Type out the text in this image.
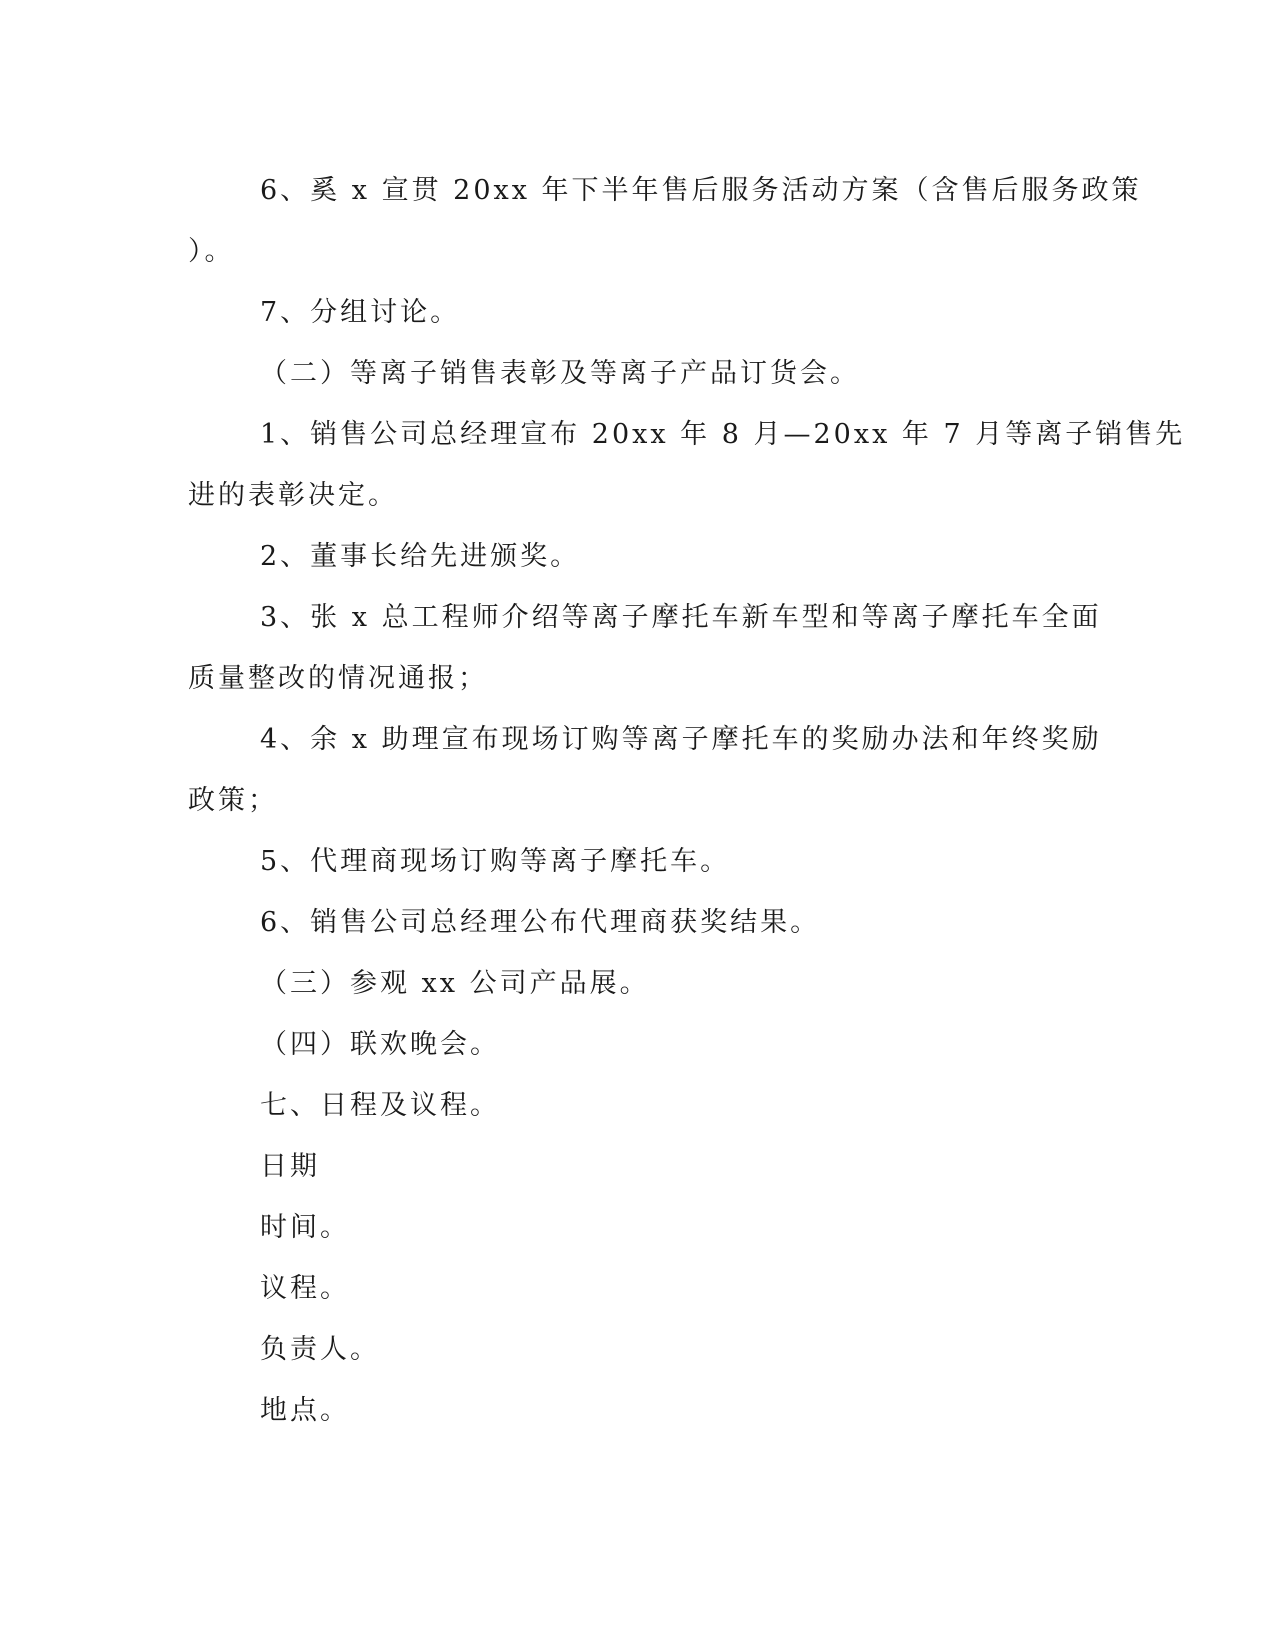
6、奚 x 宣贯 20xx 年下半年售后服务活动方案（含售后服务政策

）。

7、分组讨论。

（二）等离子销售表彰及等离子产品订货会。

1、销售公司总经理宣布 20xx 年 8 月—20xx 年 7 月等离子销售先

进的表彰决定。

2、董事长给先进颁奖。

3、张 x 总工程师介绍等离子摩托车新车型和等离子摩托车全面

质量整改的情况通报；

4、余 x 助理宣布现场订购等离子摩托车的奖励办法和年终奖励

政策；

5、代理商现场订购等离子摩托车。

6、销售公司总经理公布代理商获奖结果。

（三）参观 xx 公司产品展。

（四）联欢晚会。

七、日程及议程。

日期

时间。

议程。

负责人。

地点。
